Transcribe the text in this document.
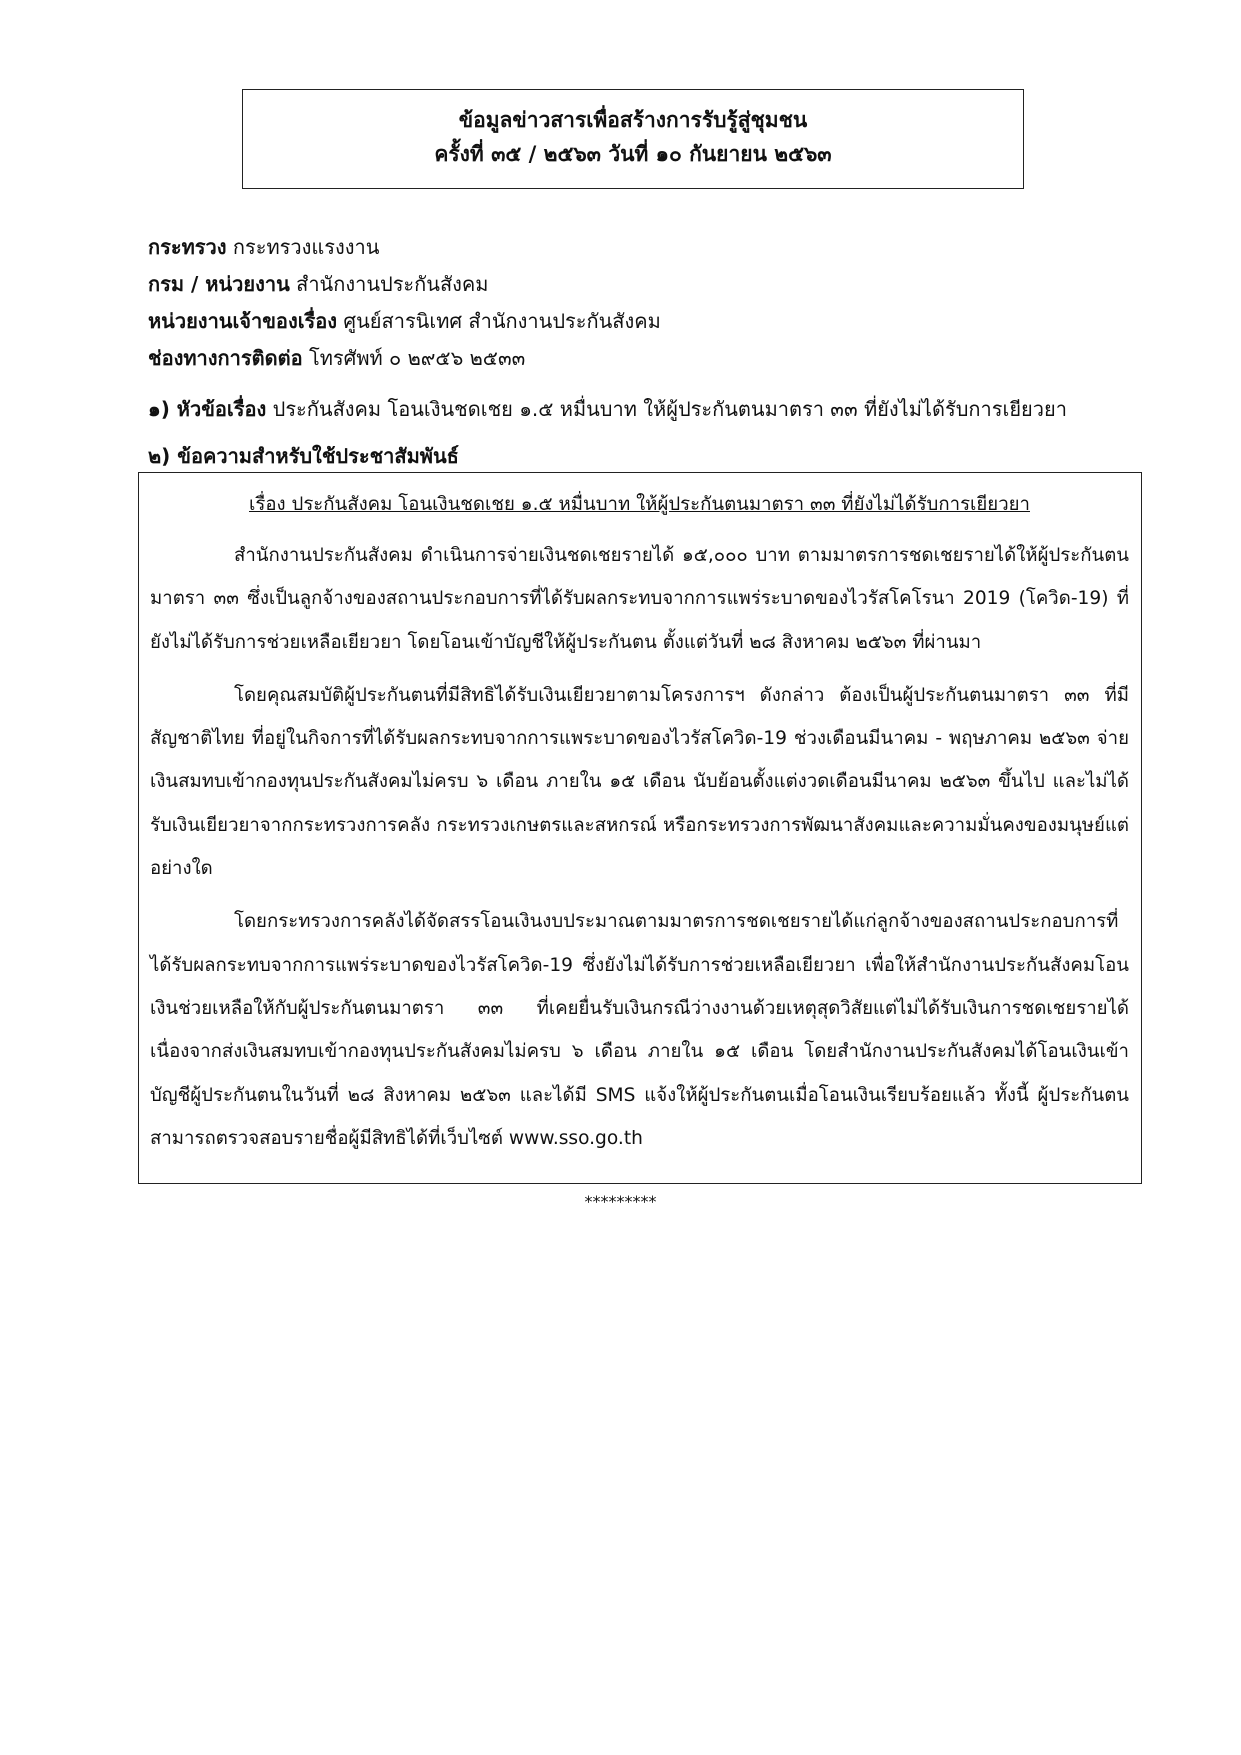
ข้อมูลข่าวสารเพื่อสร้างการรับรู้สู่ชุมชน
ครั้งที่ ๓๕ / ๒๕๖๓ วันที่ ๑๐ กันยายน ๒๕๖๓
กระทรวง กระทรวงแรงงาน
กรม / หน่วยงาน สำนักงานประกันสังคม
หน่วยงานเจ้าของเรื่อง ศูนย์สารนิเทศ สำนักงานประกันสังคม
ช่องทางการติดต่อ โทรศัพท์ ๐ ๒๙๕๖ ๒๕๓๓
๑) หัวข้อเรื่อง ประกันสังคม โอนเงินชดเชย ๑.๕ หมื่นบาท ให้ผู้ประกันตนมาตรา ๓๓ ที่ยังไม่ได้รับการเยียวยา
๒) ข้อความสำหรับใช้ประชาสัมพันธ์
เรื่อง ประกันสังคม โอนเงินชดเชย ๑.๕ หมื่นบาท ให้ผู้ประกันตนมาตรา ๓๓ ที่ยังไม่ได้รับการเยียวยา

สำนักงานประกันสังคม ดำเนินการจ่ายเงินชดเชยรายได้ ๑๕,๐๐๐ บาท ตามมาตรการชดเชยรายได้ให้ผู้ประกันตนมาตรา ๓๓ ซึ่งเป็นลูกจ้างของสถานประกอบการที่ได้รับผลกระทบจากการแพร่ระบาดของไวรัสโคโรนา 2019 (โควิด-19) ที่ยังไม่ได้รับการช่วยเหลือเยียวยา โดยโอนเข้าบัญชีให้ผู้ประกันตน ตั้งแต่วันที่ ๒๘ สิงหาคม ๒๕๖๓ ที่ผ่านมา

โดยคุณสมบัติผู้ประกันตนที่มีสิทธิได้รับเงินเยียวยาตามโครงการฯ ดังกล่าว ต้องเป็นผู้ประกันตนมาตรา ๓๓ ที่มีสัญชาติไทย ที่อยู่ในกิจการที่ได้รับผลกระทบจากการแพระบาดของไวรัสโควิด-19 ช่วงเดือนมีนาคม - พฤษภาคม ๒๕๖๓ จ่ายเงินสมทบเข้ากองทุนประกันสังคมไม่ครบ ๖ เดือน ภายใน ๑๕ เดือน นับย้อนตั้งแต่งวดเดือนมีนาคม ๒๕๖๓ ขึ้นไป และไม่ได้รับเงินเยียวยาจากกระทรวงการคลัง กระทรวงเกษตรและสหกรณ์ หรือกระทรวงการพัฒนาสังคมและความมั่นคงของมนุษย์แต่อย่างใด

โดยกระทรวงการคลังได้จัดสรรโอนเงินงบประมาณตามมาตรการชดเชยรายได้แก่ลูกจ้างของสถานประกอบการที่ได้รับผลกระทบจากการแพร่ระบาดของไวรัสโควิด-19 ซึ่งยังไม่ได้รับการช่วยเหลือเยียวยา เพื่อให้สำนักงานประกันสังคมโอนเงินช่วยเหลือให้กับผู้ประกันตนมาตรา ๓๓ ที่เคยยื่นรับเงินกรณีว่างงานด้วยเหตุสุดวิสัยแต่ไม่ได้รับเงินการชดเชยรายได้ เนื่องจากส่งเงินสมทบเข้ากองทุนประกันสังคมไม่ครบ ๖ เดือน ภายใน ๑๕ เดือน โดยสำนักงานประกันสังคมได้โอนเงินเข้าบัญชีผู้ประกันตนในวันที่ ๒๘ สิงหาคม ๒๕๖๓ และได้มี SMS แจ้งให้ผู้ประกันตนเมื่อโอนเงินเรียบร้อยแล้ว ทั้งนี้ ผู้ประกันตนสามารถตรวจสอบรายชื่อผู้มีสิทธิได้ที่เว็บไซต์ www.sso.go.th

*********
